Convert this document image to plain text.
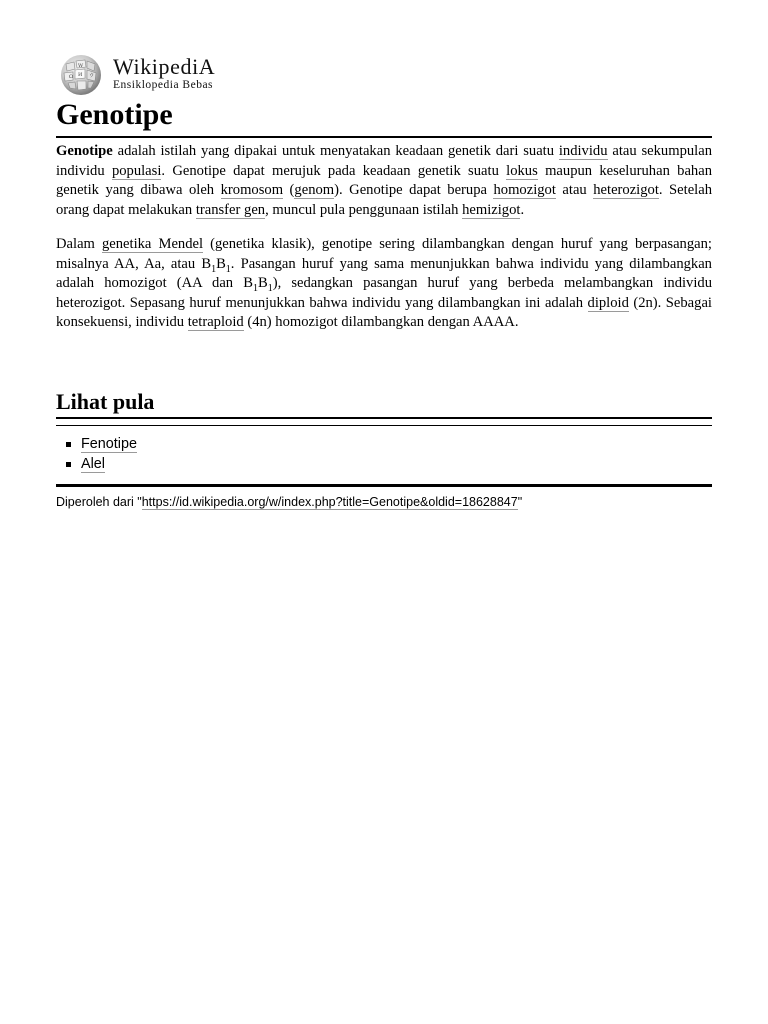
W
Ω И ウ WikipediA
Ensiklopedia Bebas
Genotipe

Genotipe adalah istilah yang dipakai untuk menyatakan keadaan genetik dari suatu individu atau sekumpulan individu populasi. Genotipe dapat merujuk pada keadaan genetik suatu lokus maupun keseluruhan bahan genetik yang dibawa oleh kromosom (genom). Genotipe dapat berupa homozigot atau heterozigot. Setelah orang dapat melakukan transfer gen, muncul pula penggunaan istilah hemizigot.

Dalam genetika Mendel (genetika klasik), genotipe sering dilambangkan dengan huruf yang berpasangan; misalnya AA, Aa, atau $B_1B_1$. Pasangan huruf yang sama menunjukkan bahwa individu yang dilambangkan adalah homozigot (AA dan $B_1B_1$), sedangkan pasangan huruf yang berbeda melambangkan individu heterozigot. Sepasang huruf menunjukkan bahwa individu yang dilambangkan ini adalah diploid (2n). Sebagai konsekuensi, individu tetraploid (4n) homozigot dilambangkan dengan AAAA.

Lihat pula
Fenotipe
Alel
Diperoleh dari "https://id.wikipedia.org/w/index.php?title=Genotipe&oldid=18628847"
